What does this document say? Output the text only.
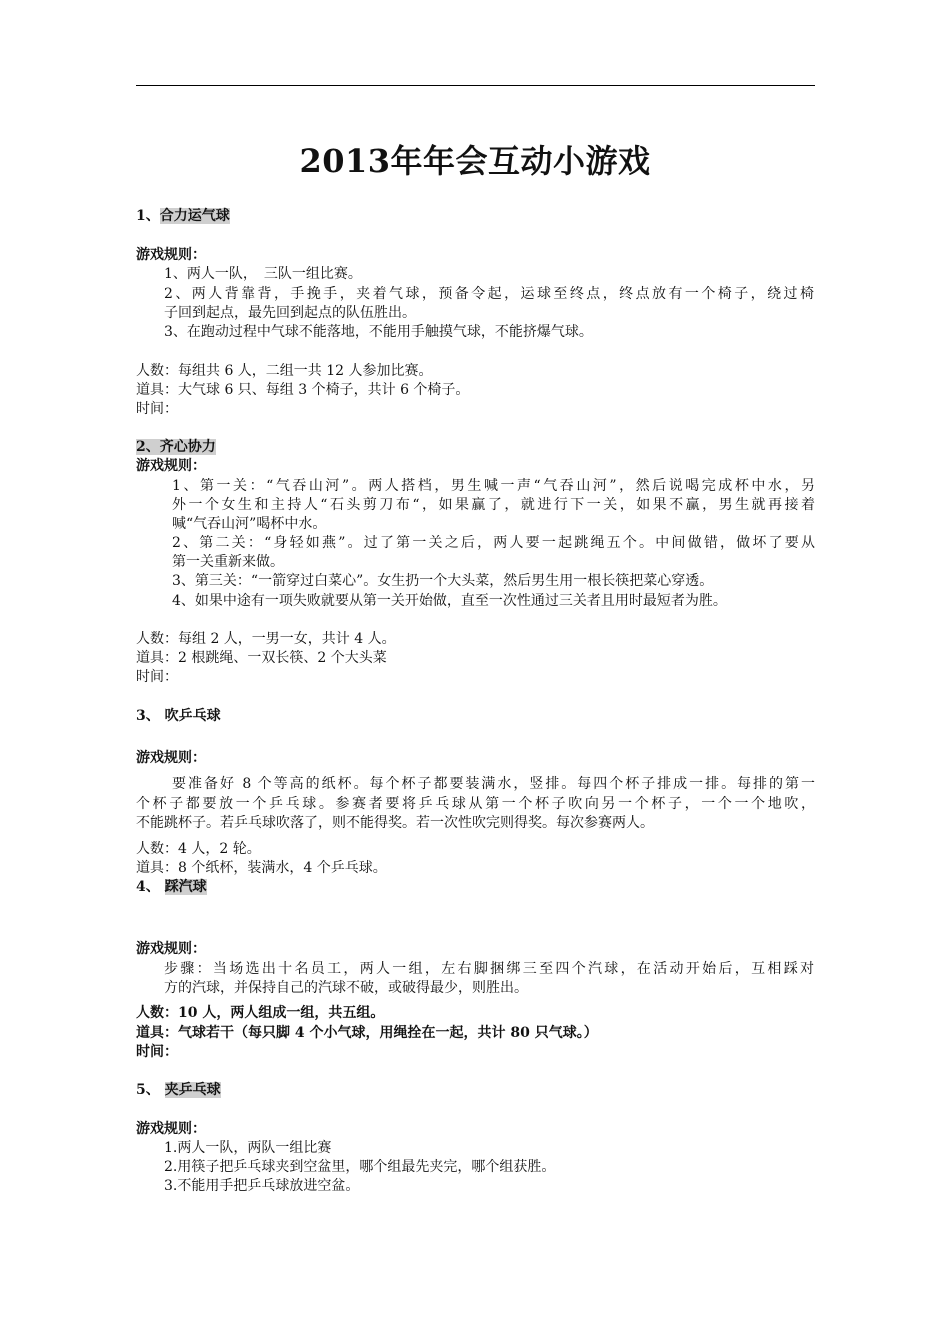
2013年年会互动小游戏
1、合力运气球
游戏规则：
1、两人一队，　三队一组比赛。
2、两人背靠背，手挽手，夹着气球，预备令起，运球至终点，终点放有一个椅子，绕过椅
子回到起点，最先回到起点的队伍胜出。
3、在跑动过程中气球不能落地，不能用手触摸气球，不能挤爆气球。
人数：每组共 6 人，二组一共 12 人参加比赛。
道具：大气球 6 只、每组 3 个椅子，共计 6 个椅子。
时间：
2、齐心协力
游戏规则：
1、第一关：“气吞山河”。两人搭档，男生喊一声“气吞山河”，然后说喝完成杯中水，另
外一个女生和主持人“石头剪刀布“，如果赢了，就进行下一关，如果不赢，男生就再接着
喊“气吞山河”喝杯中水。
2、第二关：“身轻如燕”。过了第一关之后，两人要一起跳绳五个。中间做错，做坏了要从
第一关重新来做。
3、第三关：“一箭穿过白菜心”。女生扔一个大头菜，然后男生用一根长筷把菜心穿透。
4、如果中途有一项失败就要从第一关开始做，直至一次性通过三关者且用时最短者为胜。
人数：每组 2 人，一男一女，共计 4 人。
道具：2 根跳绳、一双长筷、2 个大头菜
时间：
3、 吹乒乓球
游戏规则：
要准备好 8 个等高的纸杯。每个杯子都要装满水，竖排。每四个杯子排成一排。每排的第一
个杯子都要放一个乒乓球。参赛者要将乒乓球从第一个杯子吹向另一个杯子，一个一个地吹，
不能跳杯子。若乒乓球吹落了，则不能得奖。若一次性吹完则得奖。每次参赛两人。
人数：4 人，2 轮。
道具：8 个纸杯，装满水，4 个乒乓球。
4、 踩汽球
游戏规则：
步骤：当场选出十名员工，两人一组，左右脚捆绑三至四个汽球，在活动开始后，互相踩对
方的汽球，并保持自己的汽球不破，或破得最少，则胜出。
人数：10 人，两人组成一组，共五组。
道具：气球若干（每只脚 4 个小气球，用绳拴在一起，共计 80 只气球。）
时间：
5、 夹乒乓球
游戏规则：
1.两人一队，两队一组比赛
2.用筷子把乒乓球夹到空盆里，哪个组最先夹完，哪个组获胜。
3.不能用手把乒乓球放进空盆。
